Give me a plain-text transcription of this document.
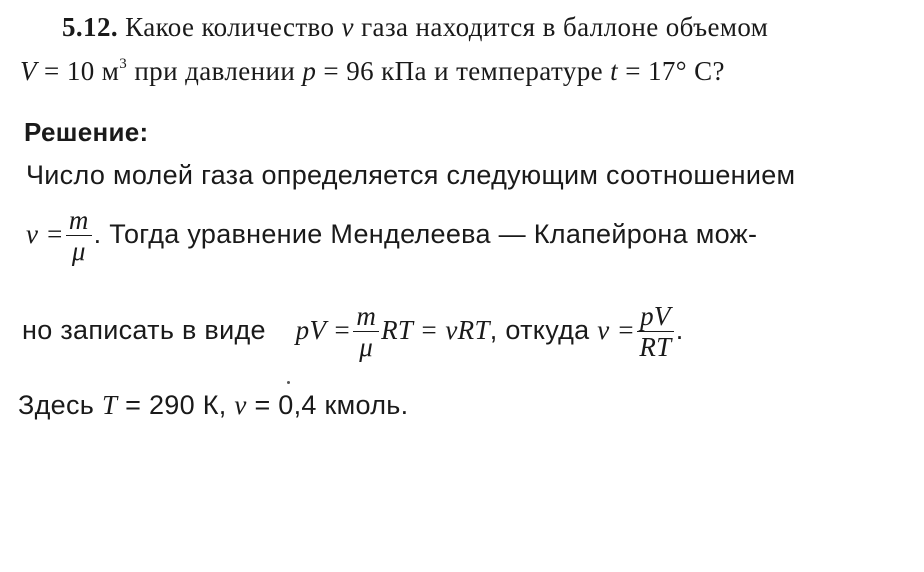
5.12. Какое количество ν газа находится в баллоне объемом
V = 10 $м^3$ при давлении p = 96 кПа и температуре t = 17° С?
Решение:
Число молей газа определяется следующим соотношением
$\nu = \frac{m}{\mu}$ . Тогда уравнение Менделеева — Клапейрона мож-
но записать в виде pV = $\frac{m}{\mu}$ RT = νRT, откуда $\nu = \frac{pV}{RT}$ .
Здесь T = 290 К, ν = 0,4 кмоль.
